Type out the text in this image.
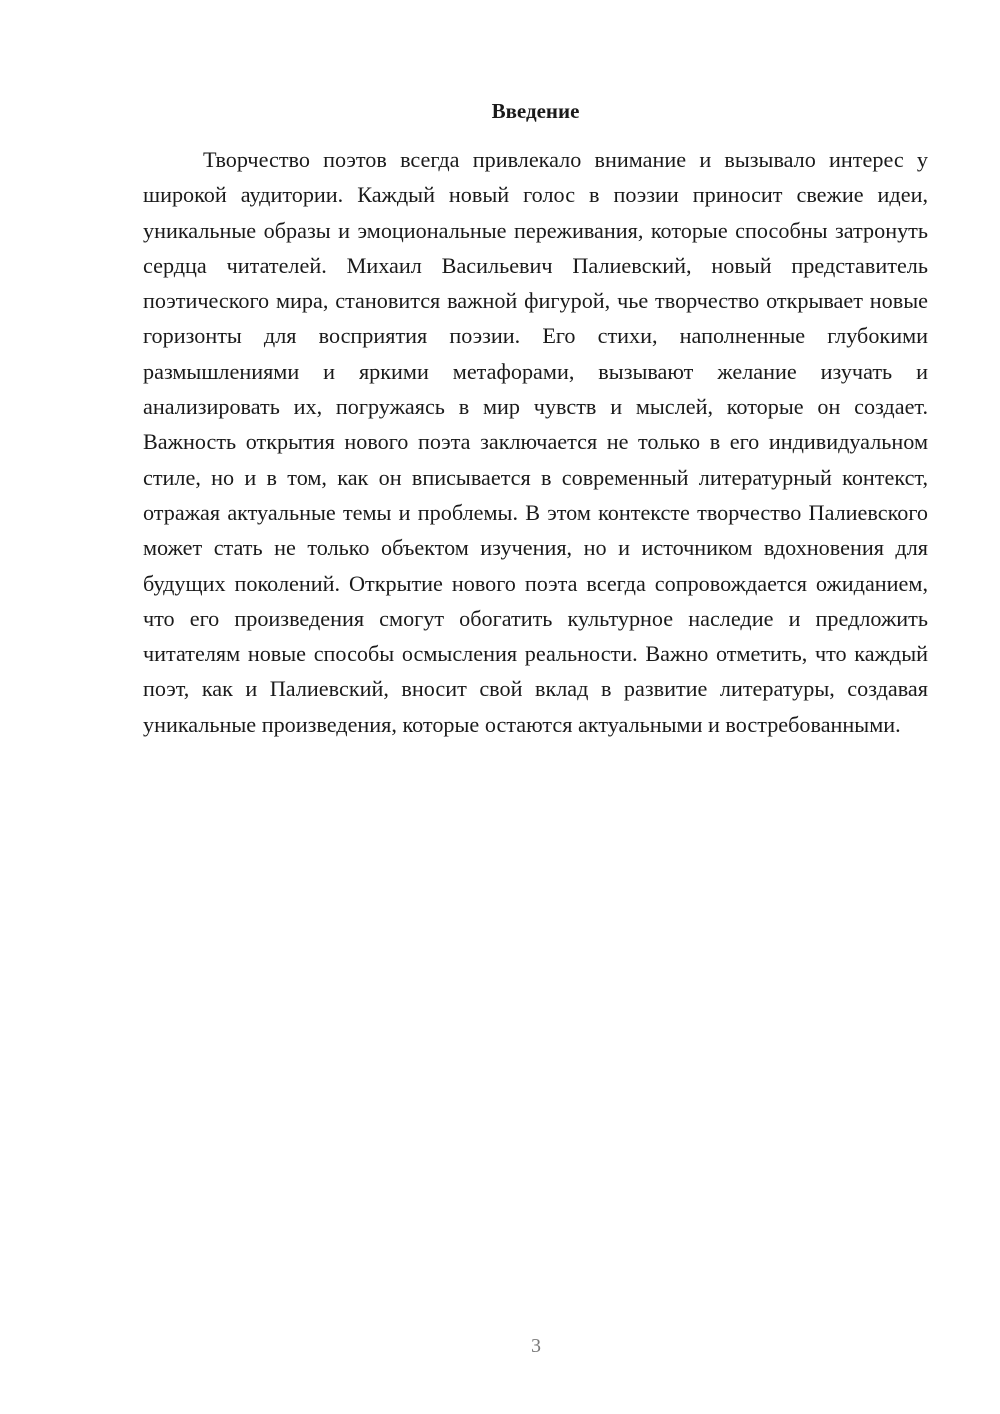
Введение

Творчество поэтов всегда привлекало внимание и вызывало интерес у широкой аудитории. Каждый новый голос в поэзии приносит свежие идеи, уникальные образы и эмоциональные переживания, которые способны затронуть сердца читателей. Михаил Васильевич Палиевский, новый представитель поэтического мира, становится важной фигурой, чье творчество открывает новые горизонты для восприятия поэзии. Его стихи, наполненные глубокими размышлениями и яркими метафорами, вызывают желание изучать и анализировать их, погружаясь в мир чувств и мыслей, которые он создает. Важность открытия нового поэта заключается не только в его индивидуальном стиле, но и в том, как он вписывается в современный литературный контекст, отражая актуальные темы и проблемы. В этом контексте творчество Палиевского может стать не только объектом изучения, но и источником вдохновения для будущих поколений. Открытие нового поэта всегда сопровождается ожиданием, что его произведения смогут обогатить культурное наследие и предложить читателям новые способы осмысления реальности. Важно отметить, что каждый поэт, как и Палиевский, вносит свой вклад в развитие литературы, создавая уникальные произведения, которые остаются актуальными и востребованными.

3
